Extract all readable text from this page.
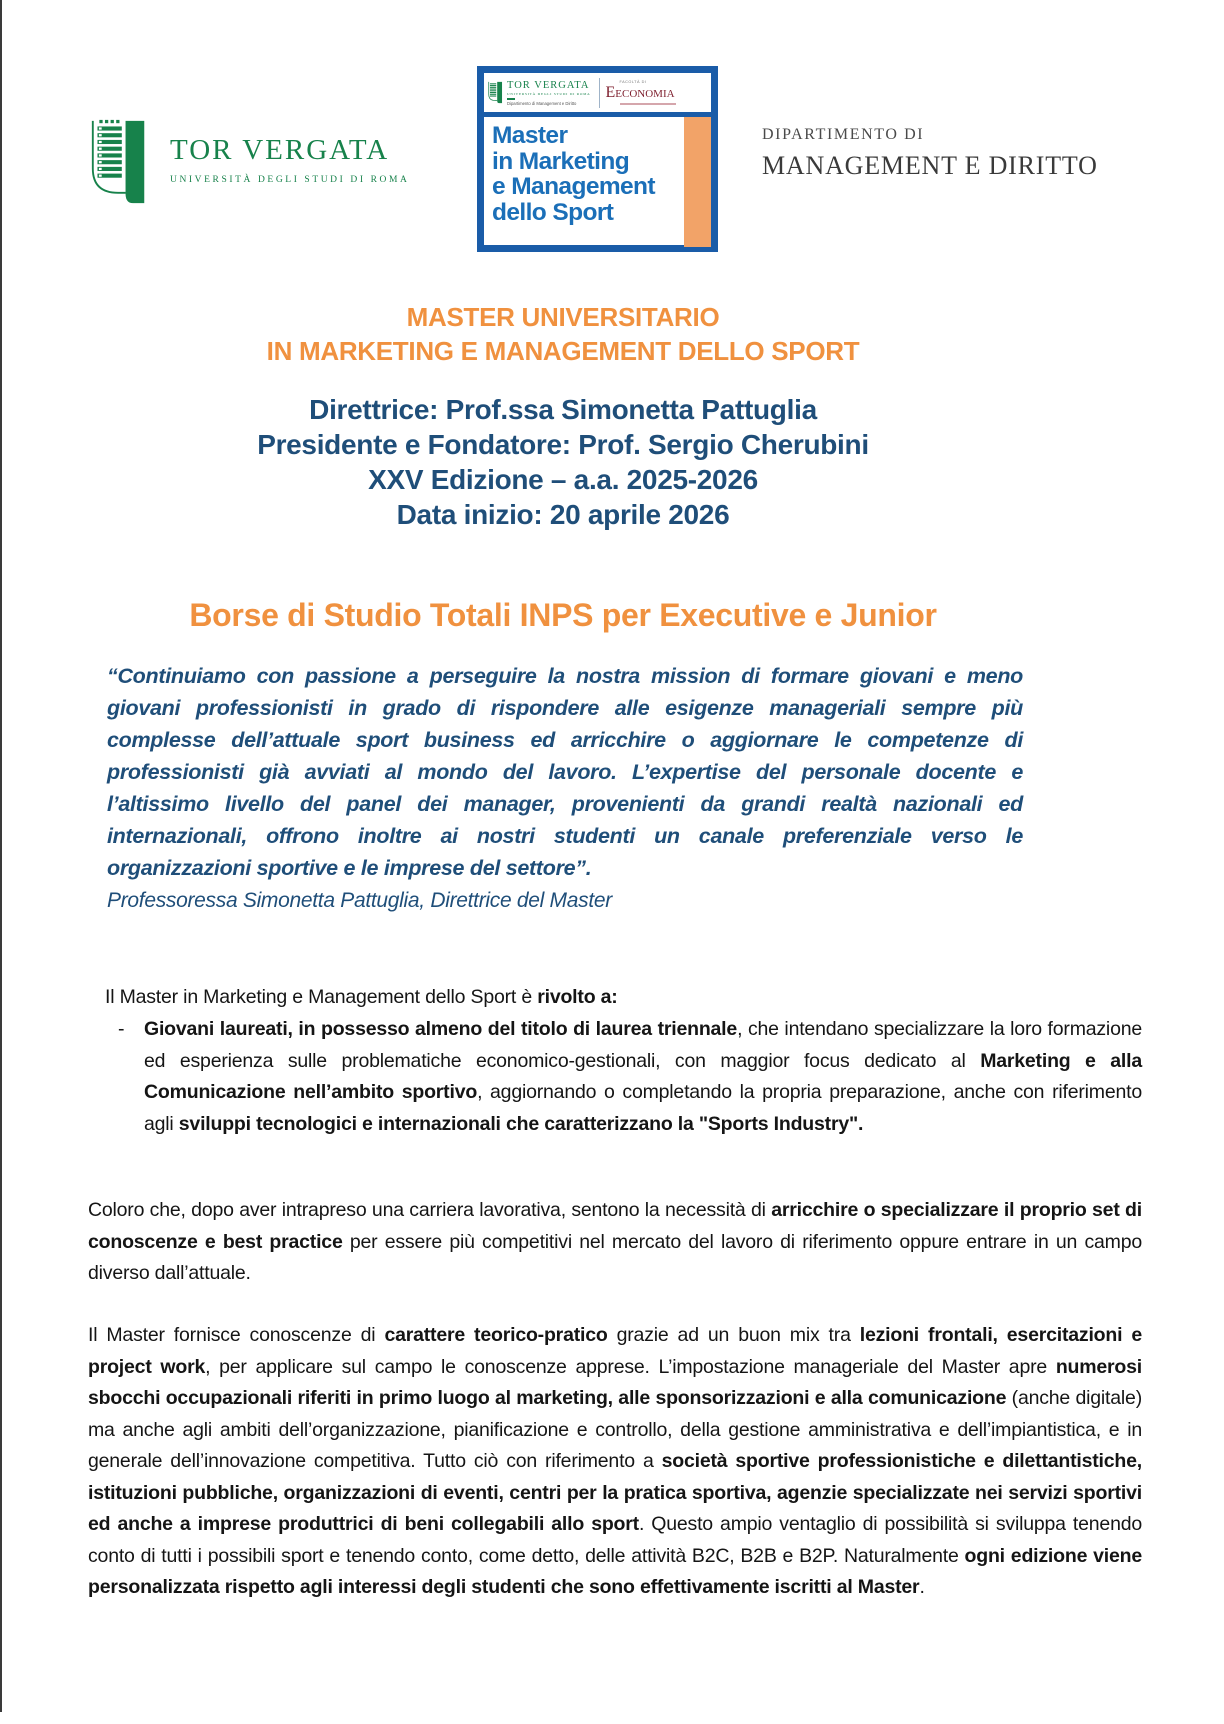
TOR VERGATA
UNIVERSITÀ DEGLI STUDI DI ROMA
TOR VERGATA
UNIVERSITÀ DEGLI STUDI DI ROMA
Dipartimento di Management e Diritto
FACOLTÀ DI
EECONOMIA
Master
in Marketing
e Management
dello Sport
DIPARTIMENTO DI
MANAGEMENT E DIRITTO
MASTER UNIVERSITARIO
IN MARKETING E MANAGEMENT DELLO SPORT
Direttrice: Prof.ssa Simonetta Pattuglia
Presidente e Fondatore: Prof. Sergio Cherubini
XXV Edizione – a.a. 2025-2026
Data inizio: 20 aprile 2026
Borse di Studio Totali INPS per Executive e Junior
“Continuiamo con passione a perseguire la nostra mission di formare giovani e meno giovani professionisti in grado di rispondere alle esigenze manageriali sempre più complesse dell’attuale sport business ed arricchire o aggiornare le competenze di professionisti già avviati al mondo del lavoro. L’expertise del personale docente e l’altissimo livello del panel dei manager, provenienti da grandi realtà nazionali ed internazionali, offrono inoltre ai nostri studenti un canale preferenziale verso le organizzazioni sportive e le imprese del settore”.
Professoressa Simonetta Pattuglia, Direttrice del Master
Il Master in Marketing e Management dello Sport è rivolto a:
-	Giovani laureati, in possesso almeno del titolo di laurea triennale, che intendano specializzare la loro formazione ed esperienza sulle problematiche economico-gestionali, con maggior focus dedicato al Marketing e alla Comunicazione nell’ambito sportivo, aggiornando o completando la propria preparazione, anche con riferimento agli sviluppi tecnologici e internazionali che caratterizzano la "Sports Industry".
Coloro che, dopo aver intrapreso una carriera lavorativa, sentono la necessità di arricchire o specializzare il proprio set di conoscenze e best practice per essere più competitivi nel mercato del lavoro di riferimento oppure entrare in un campo diverso dall’attuale.
Il Master fornisce conoscenze di carattere teorico-pratico grazie ad un buon mix tra lezioni frontali, esercitazioni e project work, per applicare sul campo le conoscenze apprese. L’impostazione manageriale del Master apre numerosi sbocchi occupazionali riferiti in primo luogo al marketing, alle sponsorizzazioni e alla comunicazione (anche digitale) ma anche agli ambiti dell’organizzazione, pianificazione e controllo, della gestione amministrativa e dell’impiantistica, e in generale dell’innovazione competitiva. Tutto ciò con riferimento a società sportive professionistiche e dilettantistiche, istituzioni pubbliche, organizzazioni di eventi, centri per la pratica sportiva, agenzie specializzate nei servizi sportivi ed anche a imprese produttrici di beni collegabili allo sport. Questo ampio ventaglio di possibilità si sviluppa tenendo conto di tutti i possibili sport e tenendo conto, come detto, delle attività B2C, B2B e B2P. Naturalmente ogni edizione viene personalizzata rispetto agli interessi degli studenti che sono effettivamente iscritti al Master.
